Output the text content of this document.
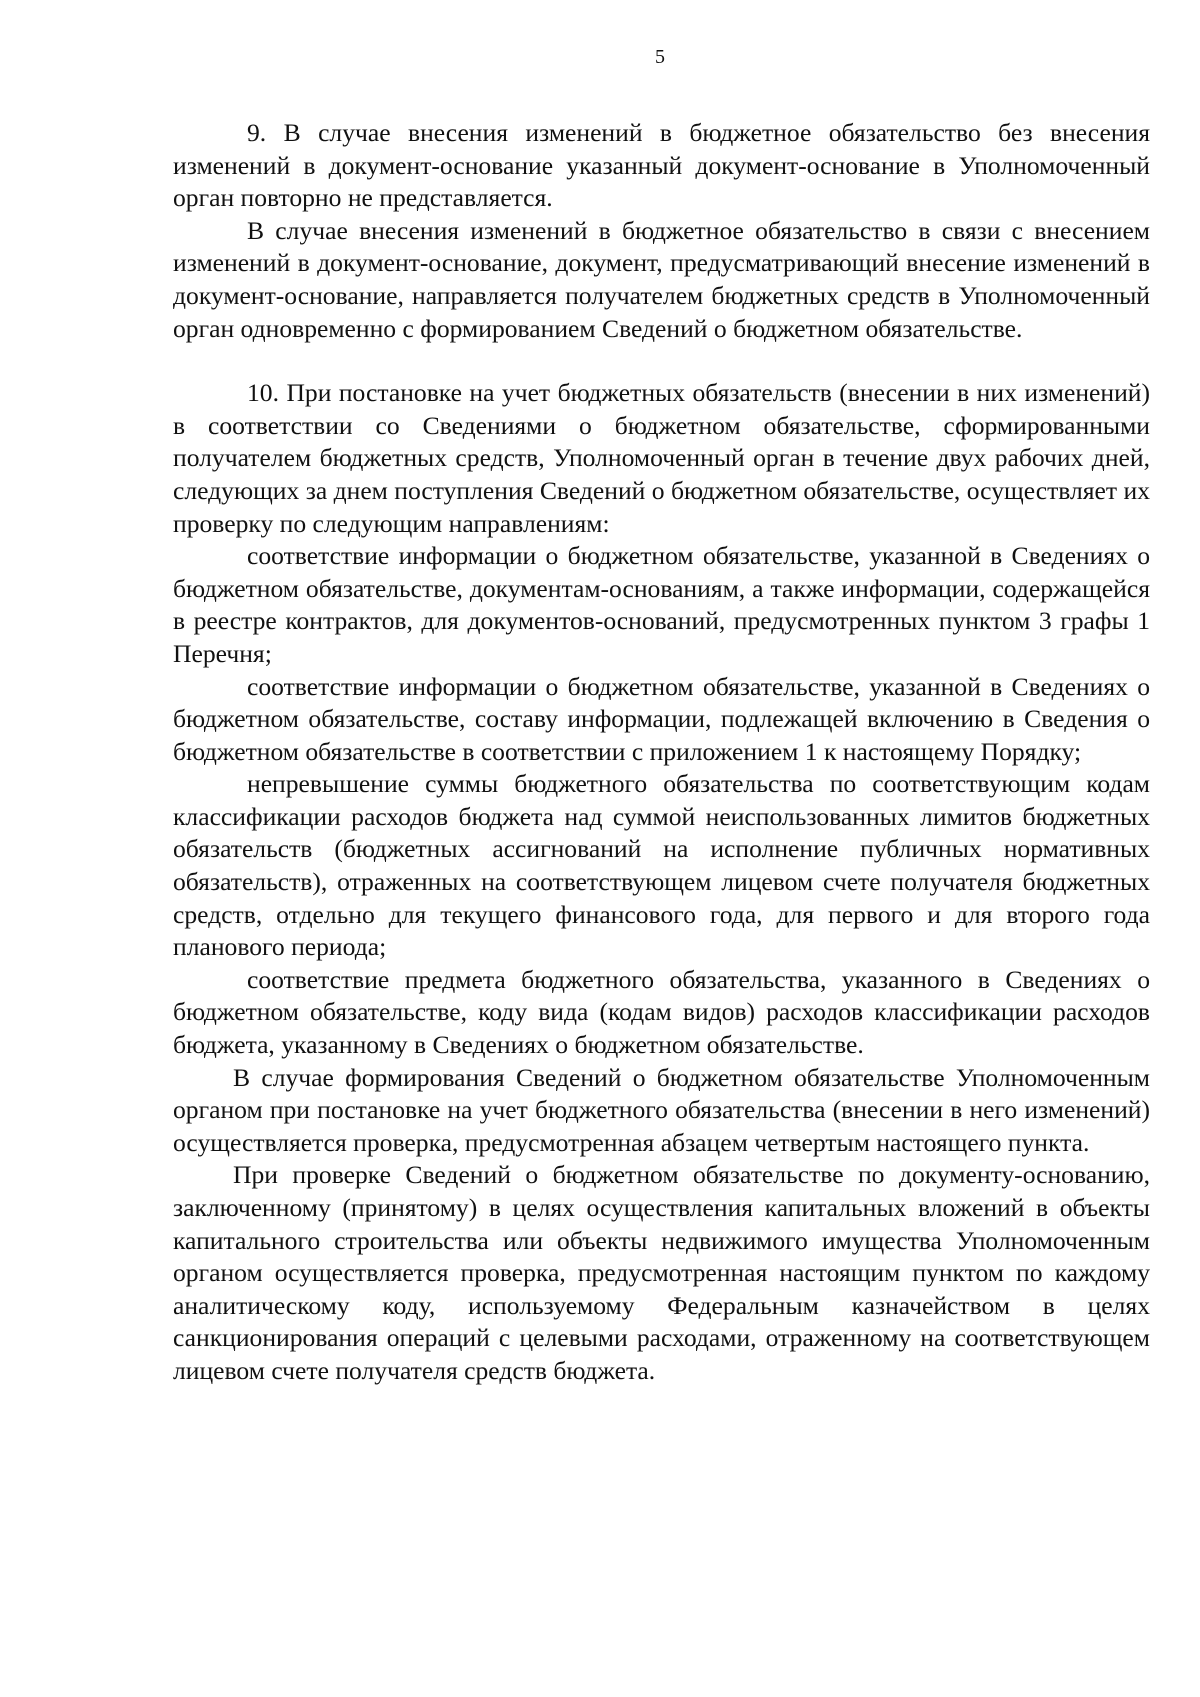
5

9. В случае внесения изменений в бюджетное обязательство без внесения изменений в документ-основание указанный документ-основание в Уполномоченный орган повторно не представляется.

В случае внесения изменений в бюджетное обязательство в связи с внесением изменений в документ-основание, документ, предусматривающий внесение изменений в документ-основание, направляется получателем бюджетных средств в Уполномоченный орган одновременно с формированием Сведений о бюджетном обязательстве.

10. При постановке на учет бюджетных обязательств (внесении в них изменений) в соответствии со Сведениями о бюджетном обязательстве, сформированными получателем бюджетных средств, Уполномоченный орган в течение двух рабочих дней, следующих за днем поступления Сведений о бюджетном обязательстве, осуществляет их проверку по следующим направлениям:

соответствие информации о бюджетном обязательстве, указанной в Сведениях о бюджетном обязательстве, документам-основаниям, а также информации, содержащейся в реестре контрактов, для документов-оснований, предусмотренных пунктом 3 графы 1 Перечня;

соответствие информации о бюджетном обязательстве, указанной в Сведениях о бюджетном обязательстве, составу информации, подлежащей включению в Сведения о бюджетном обязательстве в соответствии с приложением 1 к настоящему Порядку;

непревышение суммы бюджетного обязательства по соответствующим кодам классификации расходов бюджета над суммой неиспользованных лимитов бюджетных обязательств (бюджетных ассигнований на исполнение публичных нормативных обязательств), отраженных на соответствующем лицевом счете получателя бюджетных средств, отдельно для текущего финансового года, для первого и для второго года планового периода;

соответствие предмета бюджетного обязательства, указанного в Сведениях о бюджетном обязательстве, коду вида (кодам видов) расходов классификации расходов бюджета, указанному в Сведениях о бюджетном обязательстве.

В случае формирования Сведений о бюджетном обязательстве Уполномоченным органом при постановке на учет бюджетного обязательства (внесении в него изменений) осуществляется проверка, предусмотренная абзацем четвертым настоящего пункта.

При проверке Сведений о бюджетном обязательстве по документу-основанию, заключенному (принятому) в целях осуществления капитальных вложений в объекты капитального строительства или объекты недвижимого имущества Уполномоченным органом осуществляется проверка, предусмотренная настоящим пунктом по каждому аналитическому коду, используемому Федеральным казначейством в целях санкционирования операций с целевыми расходами, отраженному на соответствующем лицевом счете получателя средств бюджета.
